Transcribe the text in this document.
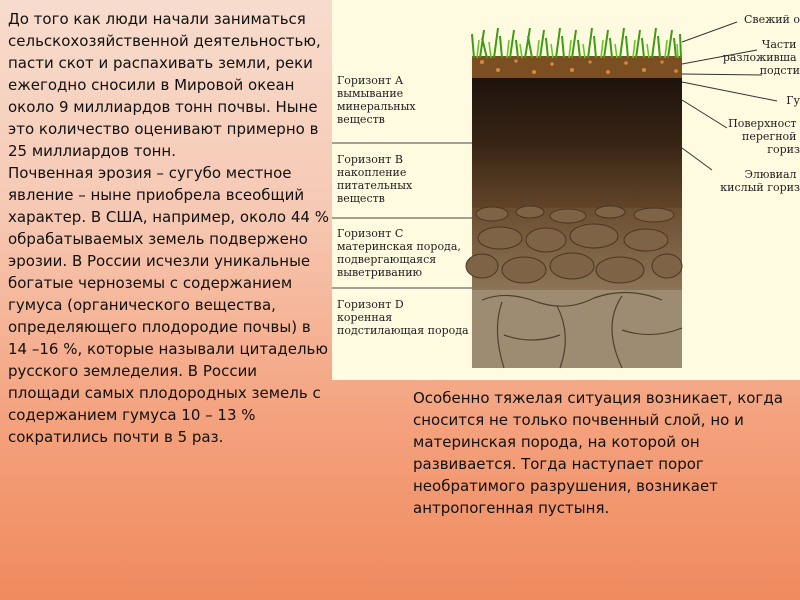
До того как люди начали заниматься сельскохозяйственной деятельностью, пасти скот и распахивать земли, реки ежегодно сносили в Мировой океан около 9 миллиардов тонн почвы. Ныне это количество оценивают примерно в 25 миллиардов тонн.
Почвенная эрозия – сугубо местное явление – ныне приобрела всеобщий характер. В США, например, около 44 % обрабатываемых земель подвержено эрозии. В России исчезли уникальные богатые черноземы с содержанием гумуса (органического вещества, определяющего плодородие почвы) в 14 –16 %, которые называли цитаделью русского земледелия. В России площади самых плодородных земель с содержанием гумуса 10 – 13 % сократились почти в 5 раз.
Горизонт А вымывание минеральных веществ
Горизонт В накопление питательных веществ
Горизонт С материнская порода, подвергающаяся выветриванию
Горизонт D коренная подстилающая порода
Свежий о
Части разложивша подсти
Гу
Поверхност перегной гориз
Элювиал кислый гориз
Особенно тяжелая ситуация возникает, когда сносится не только почвенный слой, но и материнская порода, на которой он развивается. Тогда наступает порог необратимого разрушения, возникает антропогенная пустыня.
